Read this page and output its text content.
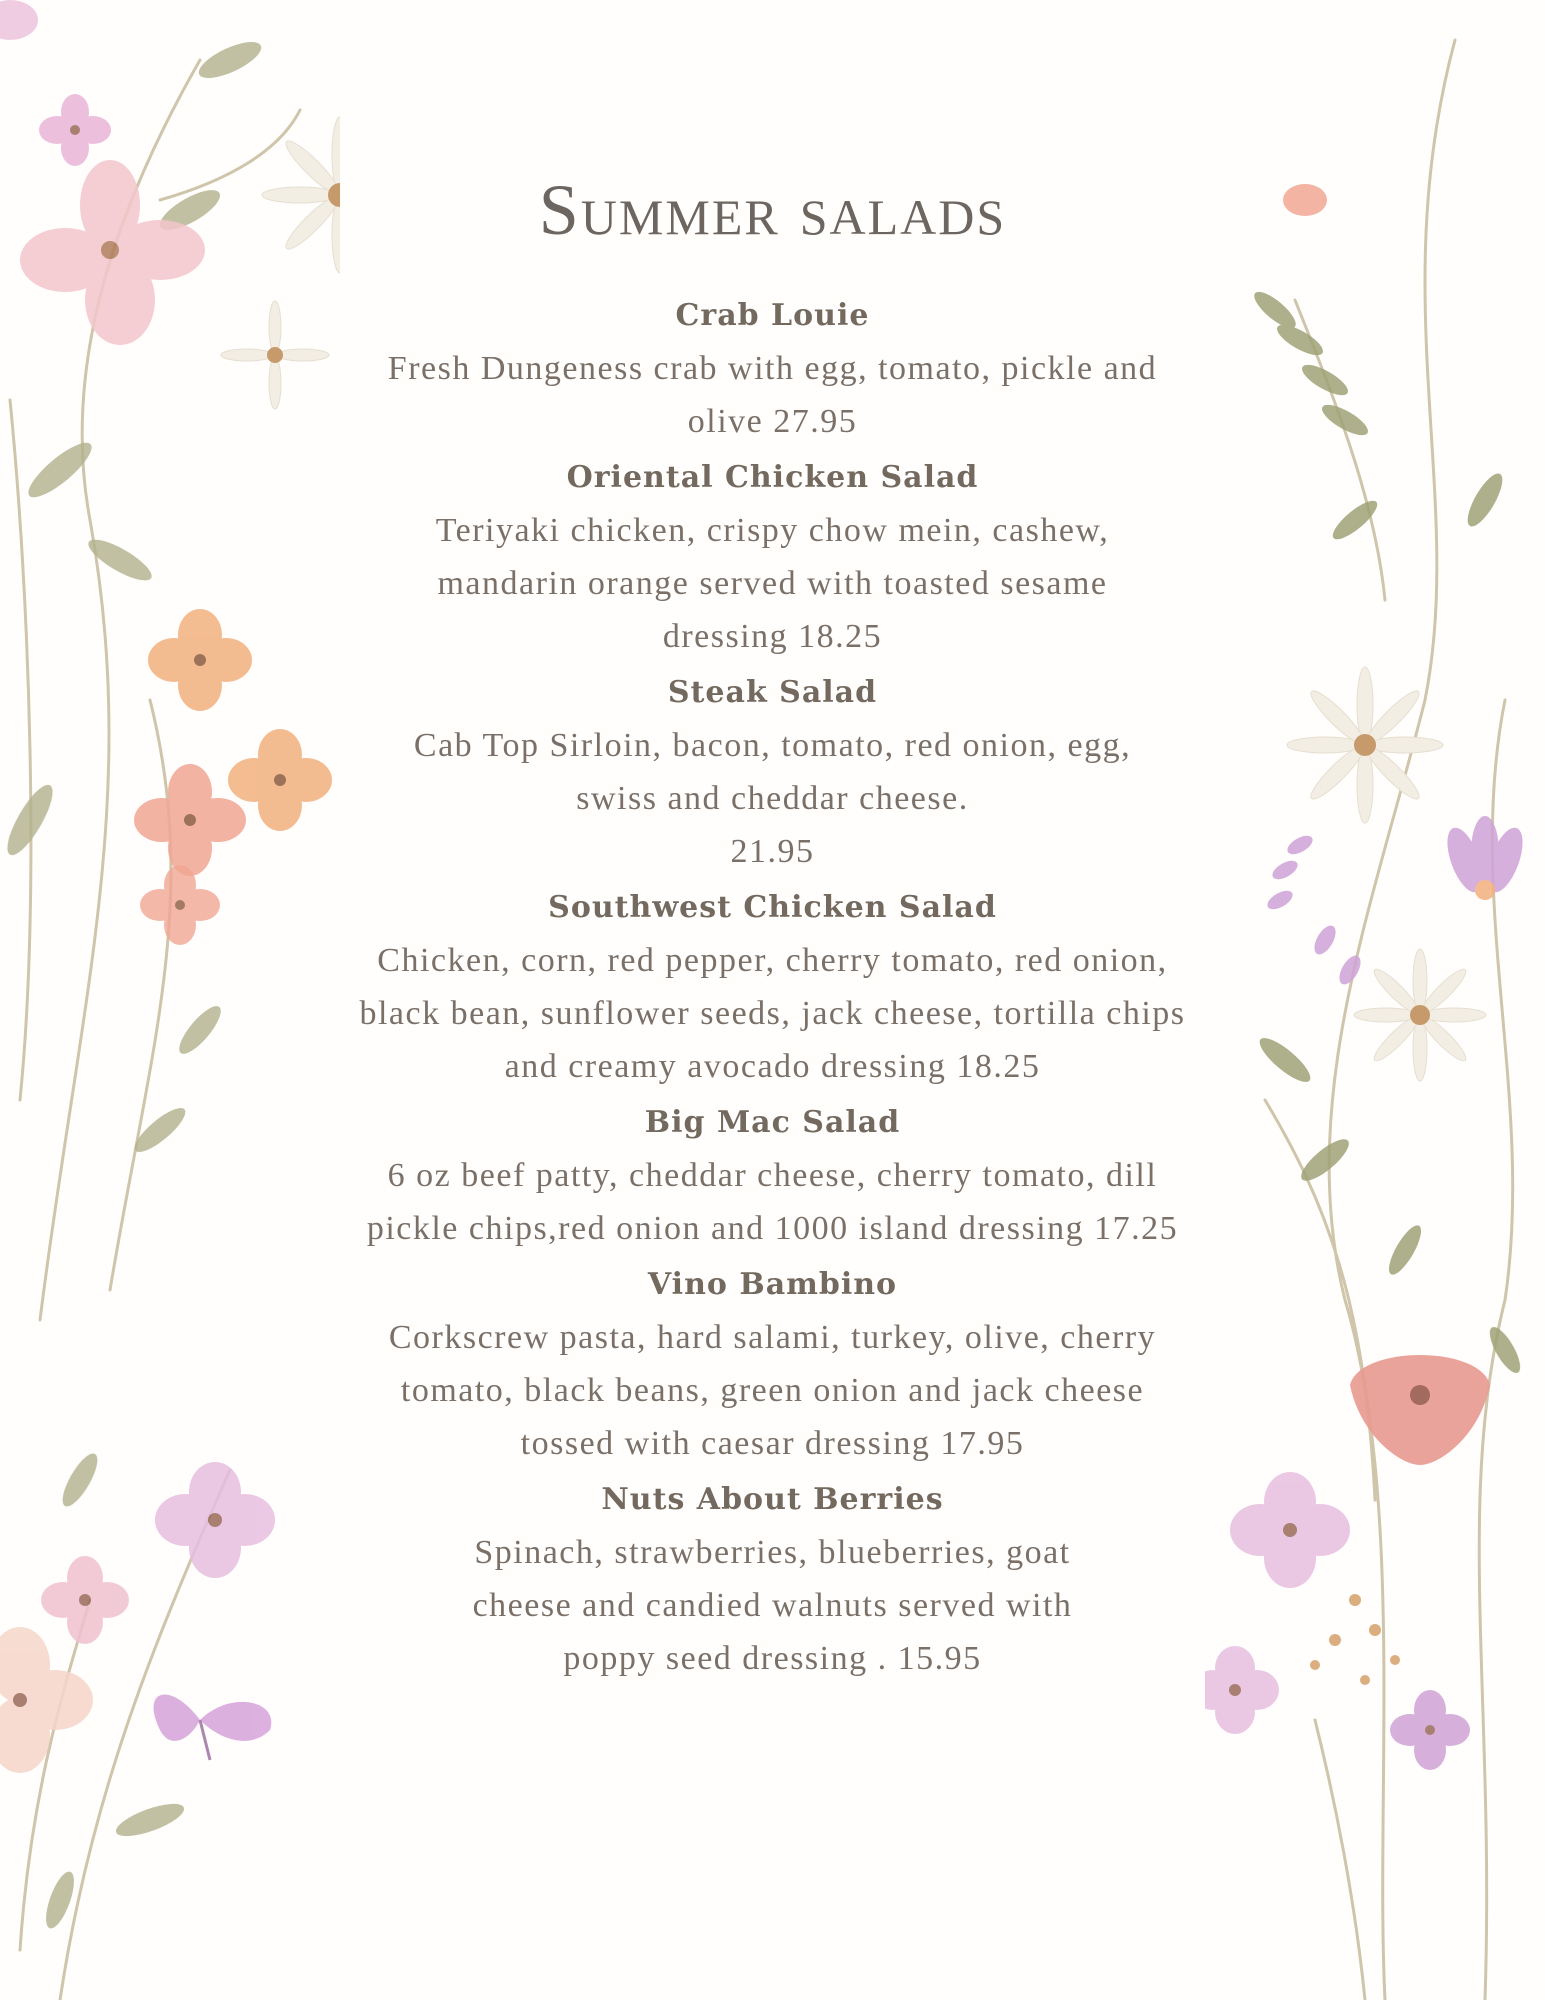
Summer salads

Crab Louie

Fresh Dungeness crab with egg, tomato, pickle and
olive 27.95

Oriental Chicken Salad

Teriyaki chicken, crispy chow mein, cashew,
mandarin orange served with toasted sesame
dressing 18.25

Steak Salad

Cab Top Sirloin, bacon, tomato, red onion, egg,
swiss and cheddar cheese.
21.95

Southwest Chicken Salad

Chicken, corn, red pepper, cherry tomato, red onion,
black bean, sunflower seeds, jack cheese, tortilla chips
and creamy avocado dressing 18.25

Big Mac Salad

6 oz beef patty, cheddar cheese, cherry tomato, dill
pickle chips,red onion and 1000 island dressing 17.25

Vino Bambino

Corkscrew pasta, hard salami, turkey, olive, cherry
tomato, black beans, green onion and jack cheese
tossed with caesar dressing 17.95

Nuts About Berries

Spinach, strawberries, blueberries, goat
cheese and candied walnuts served with
poppy seed dressing . 15.95
